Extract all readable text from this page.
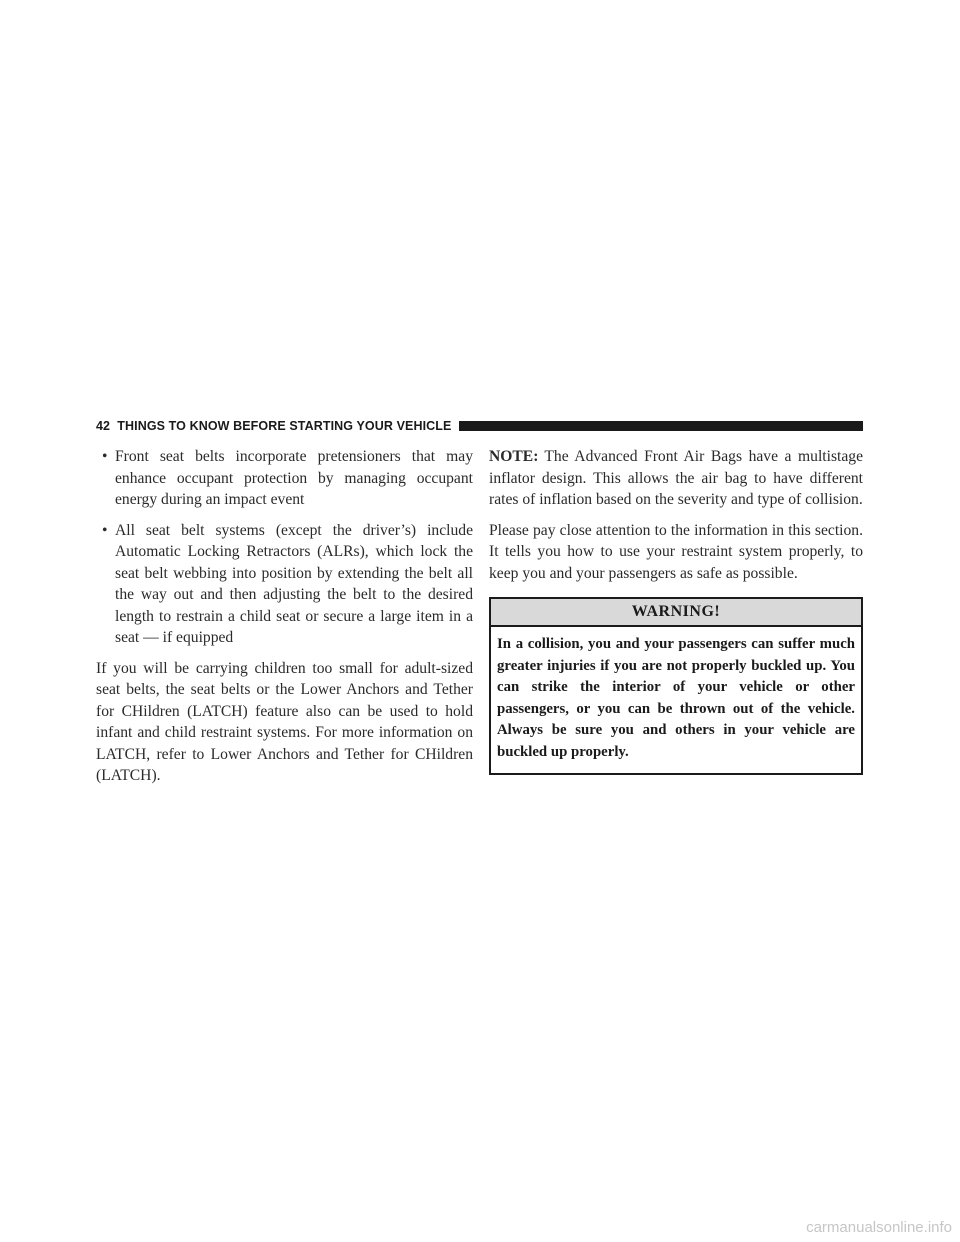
42
THINGS TO KNOW BEFORE STARTING YOUR VEHICLE
• Front seat belts incorporate pretensioners that may enhance occupant protection by managing occupant energy during an impact event
• All seat belt systems (except the driver’s) include Automatic Locking Retractors (ALRs), which lock the seat belt webbing into position by extending the belt all the way out and then adjusting the belt to the desired length to restrain a child seat or secure a large item in a seat — if equipped

If you will be carrying children too small for adult-sized seat belts, the seat belts or the Lower Anchors and Tether for CHildren (LATCH) feature also can be used to hold infant and child restraint systems. For more information on LATCH, refer to Lower Anchors and Tether for CHildren (LATCH).

NOTE: The Advanced Front Air Bags have a multistage inflator design. This allows the air bag to have different rates of inflation based on the severity and type of collision.

Please pay close attention to the information in this section. It tells you how to use your restraint system properly, to keep you and your passengers as safe as possible.

WARNING!
In a collision, you and your passengers can suffer much greater injuries if you are not properly buckled up. You can strike the interior of your vehicle or other passengers, or you can be thrown out of the vehicle. Always be sure you and others in your vehicle are buckled up properly.
carmanualsonline.info
